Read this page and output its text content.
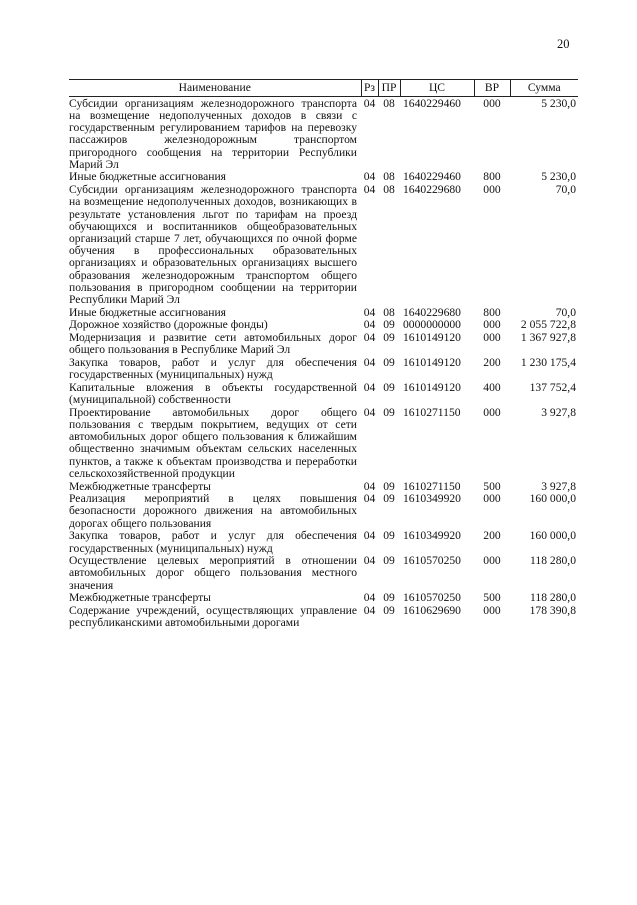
20
Наименование	Рз	ПР	ЦС	ВР	Сумма
Субсидии организациям железнодорожного транспорта на возмещение недополученных доходов в связи с государственным регулированием тарифов на перевозку пассажиров железнодорожным транспортом пригородного сообщения на территории Республики Марий Эл	04	08	1640229460	000	5 230,0
Иные бюджетные ассигнования	04	08	1640229460	800	5 230,0
Субсидии организациям железнодорожного транспорта на возмещение недополученных доходов, возникающих в результате установления льгот по тарифам на проезд обучающихся и воспитанников общеобразовательных организаций старше 7 лет, обучающихся по очной форме обучения в профессиональных образовательных организациях и образовательных организациях высшего образования железнодорожным транспортом общего пользования в пригородном сообщении на территории Республики Марий Эл	04	08	1640229680	000	70,0
Иные бюджетные ассигнования	04	08	1640229680	800	70,0
Дорожное хозяйство (дорожные фонды)	04	09	0000000000	000	2 055 722,8
Модернизация и развитие сети автомобильных дорог общего пользования в Республике Марий Эл	04	09	1610149120	000	1 367 927,8
Закупка товаров, работ и услуг для обеспечения государственных (муниципальных) нужд	04	09	1610149120	200	1 230 175,4
Капитальные вложения в объекты государственной (муниципальной) собственности	04	09	1610149120	400	137 752,4
Проектирование автомобильных дорог общего пользования с твердым покрытием, ведущих от сети автомобильных дорог общего пользования к ближайшим общественно значимым объектам сельских населенных пунктов, а также к объектам производства и переработки сельскохозяйственной продукции	04	09	1610271150	000	3 927,8
Межбюджетные трансферты	04	09	1610271150	500	3 927,8
Реализация мероприятий в целях повышения безопасности дорожного движения на автомобильных дорогах общего пользования	04	09	1610349920	000	160 000,0
Закупка товаров, работ и услуг для обеспечения государственных (муниципальных) нужд	04	09	1610349920	200	160 000,0
Осуществление целевых мероприятий в отношении автомобильных дорог общего пользования местного значения	04	09	1610570250	000	118 280,0
Межбюджетные трансферты	04	09	1610570250	500	118 280,0
Содержание учреждений, осуществляющих управление республиканскими автомобильными дорогами	04	09	1610629690	000	178 390,8
